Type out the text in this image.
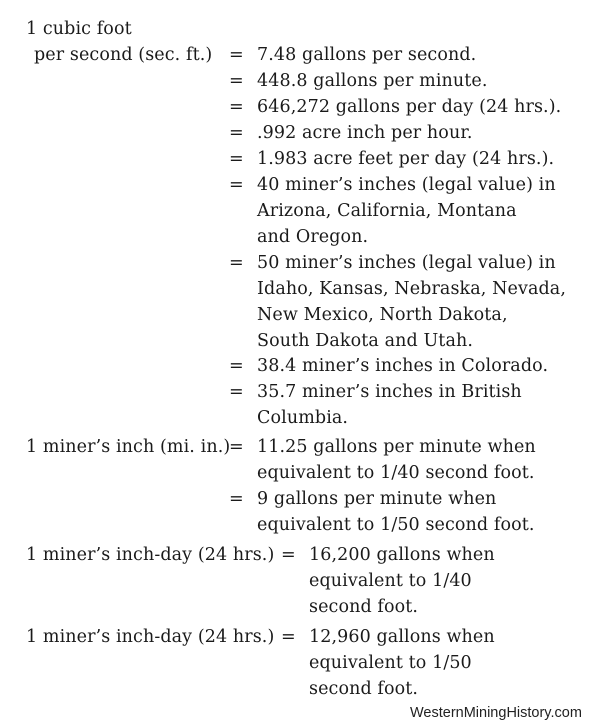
1 cubic foot
per second (sec. ft.) = 7.48 gallons per second.
= 448.8 gallons per minute.
= 646,272 gallons per day (24 hrs.).
= .992 acre inch per hour.
= 1.983 acre feet per day (24 hrs.).
= 40 miner’s inches (legal value) in
Arizona, California, Montana
and Oregon.
= 50 miner’s inches (legal value) in
Idaho, Kansas, Nebraska, Nevada,
New Mexico, North Dakota,
South Dakota and Utah.
= 38.4 miner’s inches in Colorado.
= 35.7 miner’s inches in British
Columbia.
1 miner’s inch (mi. in.)
= 11.25 gallons per minute when
equivalent to 1/40 second foot.
= 9 gallons per minute when
equivalent to 1/50 second foot.
1 miner’s inch-day (24 hrs.) = 16,200 gallons when
equivalent to 1/40
second foot.
1 miner’s inch-day (24 hrs.) = 12,960 gallons when
equivalent to 1/50
second foot.
WesternMiningHistory.com
